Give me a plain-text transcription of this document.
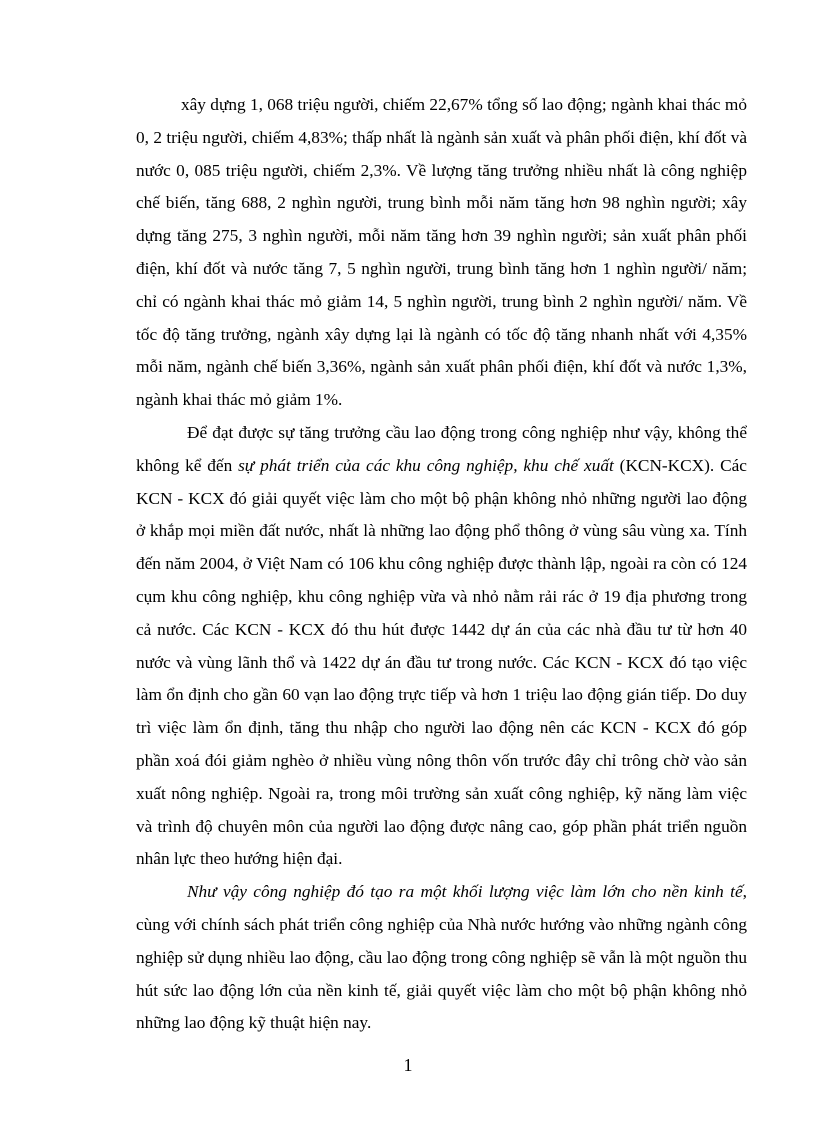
xây dựng 1, 068 triệu người, chiếm 22,67% tổng số lao động; ngành khai thác mỏ 0, 2 triệu người, chiếm 4,83%; thấp nhất là ngành sản xuất và phân phối điện, khí đốt và nước 0, 085 triệu người, chiếm 2,3%. Về lượng tăng trưởng nhiều nhất là công nghiệp chế biến, tăng 688, 2 nghìn người, trung bình mỗi năm tăng hơn 98 nghìn người; xây dựng tăng 275, 3 nghìn người, mỗi năm tăng hơn 39 nghìn người; sản xuất phân phối điện, khí đốt và nước tăng 7, 5 nghìn người, trung bình tăng hơn 1 nghìn người/ năm; chỉ có ngành khai thác mỏ giảm 14, 5 nghìn người, trung bình 2 nghìn người/ năm. Về tốc độ tăng trưởng, ngành xây dựng lại là ngành có tốc độ tăng nhanh nhất với 4,35% mỗi năm, ngành chế biến 3,36%, ngành sản xuất phân phối điện, khí đốt và nước 1,3%, ngành khai thác mỏ giảm 1%.

Để đạt được sự tăng trưởng cầu lao động trong công nghiệp như vậy, không thể không kể đến sự phát triển của các khu công nghiệp, khu chế xuất (KCN-KCX). Các KCN - KCX đó giải quyết việc làm cho một bộ phận không nhỏ những người lao động ở khắp mọi miền đất nước, nhất là những lao động phổ thông ở vùng sâu vùng xa. Tính đến năm 2004, ở Việt Nam có 106 khu công nghiệp được thành lập, ngoài ra còn có 124 cụm khu công nghiệp, khu công nghiệp vừa và nhỏ nằm rải rác ở 19 địa phương trong cả nước. Các KCN - KCX đó thu hút được 1442 dự án của các nhà đầu tư từ hơn 40 nước và vùng lãnh thổ và 1422 dự án đầu tư trong nước. Các KCN - KCX đó tạo việc làm ổn định cho gần 60 vạn lao động trực tiếp và hơn 1 triệu lao động gián tiếp. Do duy trì việc làm ổn định, tăng thu nhập cho người lao động nên các KCN - KCX đó góp phần xoá đói giảm nghèo ở nhiều vùng nông thôn vốn trước đây chỉ trông chờ vào sản xuất nông nghiệp. Ngoài ra, trong môi trường sản xuất công nghiệp, kỹ năng làm việc và trình độ chuyên môn của người lao động được nâng cao, góp phần phát triển nguồn nhân lực theo hướng hiện đại.

Như vậy công nghiệp đó tạo ra một khối lượng việc làm lớn cho nền kinh tế, cùng với chính sách phát triển công nghiệp của Nhà nước hướng vào những ngành công nghiệp sử dụng nhiều lao động, cầu lao động trong công nghiệp sẽ vẫn là một nguồn thu hút sức lao động lớn của nền kinh tế, giải quyết việc làm cho một bộ phận không nhỏ những lao động kỹ thuật hiện nay.

1
